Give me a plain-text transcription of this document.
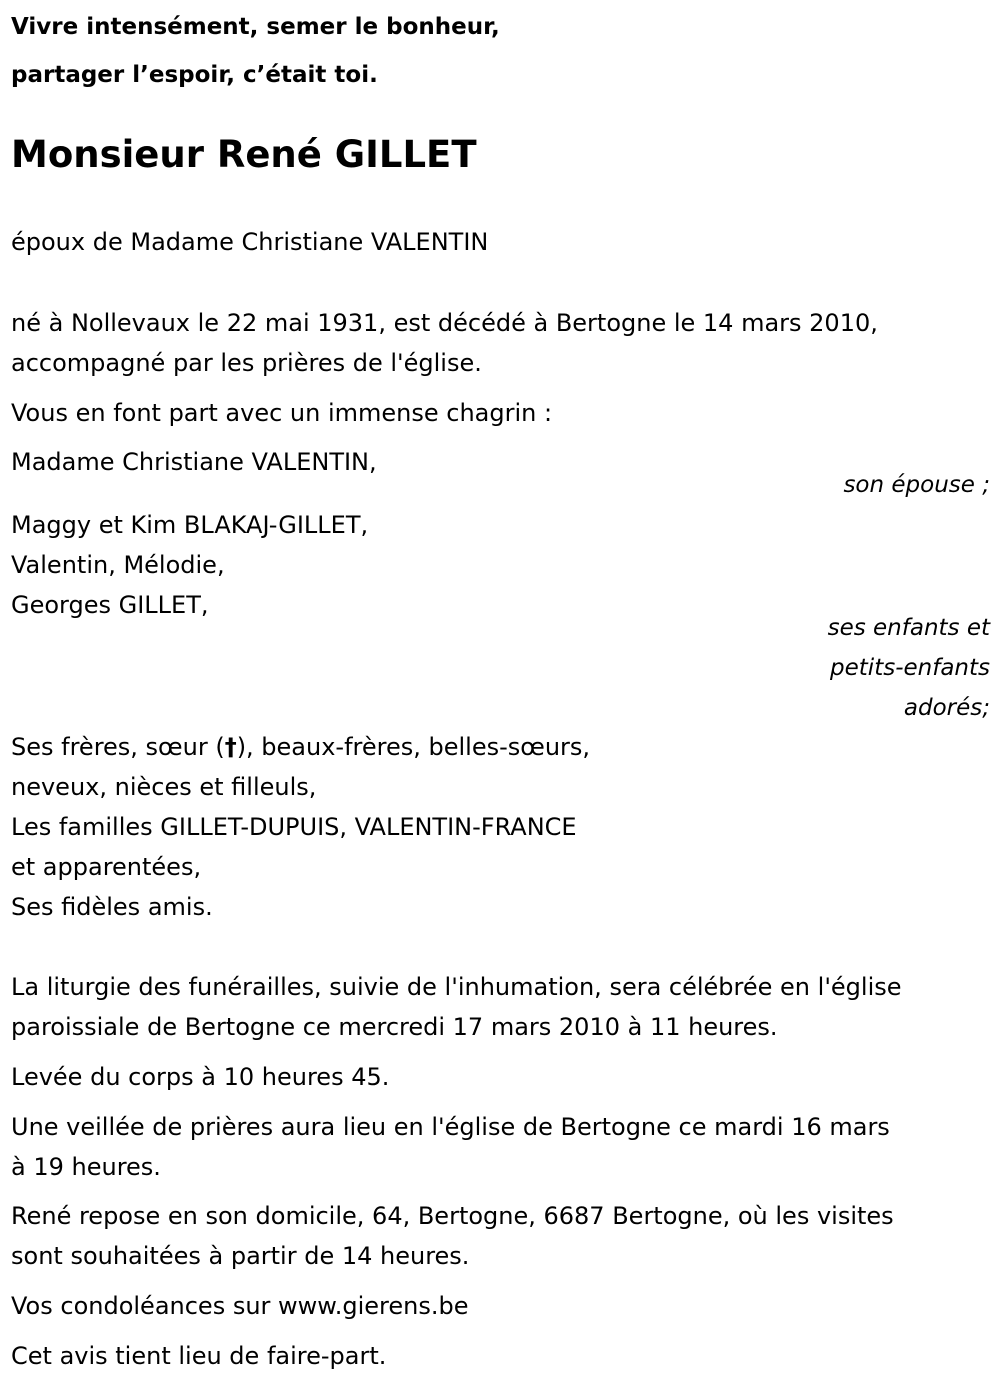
Vivre intensément, semer le bonheur,
partager l’espoir, c’était toi.
Monsieur René GILLET
époux de Madame Christiane VALENTIN
né à Nollevaux le 22 mai 1931, est décédé à Bertogne le 14 mars 2010,
accompagné par les prières de l'église.
Vous en font part avec un immense chagrin :
Madame Christiane VALENTIN,
son épouse ;
Maggy et Kim BLAKAJ-GILLET,
Valentin, Mélodie,
Georges GILLET,
ses enfants et
petits-enfants
adorés;
Ses frères, sœur (†), beaux-frères, belles-sœurs,
neveux, nièces et filleuls,
Les familles GILLET-DUPUIS, VALENTIN-FRANCE
et apparentées,
Ses fidèles amis.
La liturgie des funérailles, suivie de l'inhumation, sera célébrée en l'église
paroissiale de Bertogne ce mercredi 17 mars 2010 à 11 heures.
Levée du corps à 10 heures 45.
Une veillée de prières aura lieu en l'église de Bertogne ce mardi 16 mars
à 19 heures.
René repose en son domicile, 64, Bertogne, 6687 Bertogne, où les visites
sont souhaitées à partir de 14 heures.
Vos condoléances sur www.gierens.be
Cet avis tient lieu de faire-part.
